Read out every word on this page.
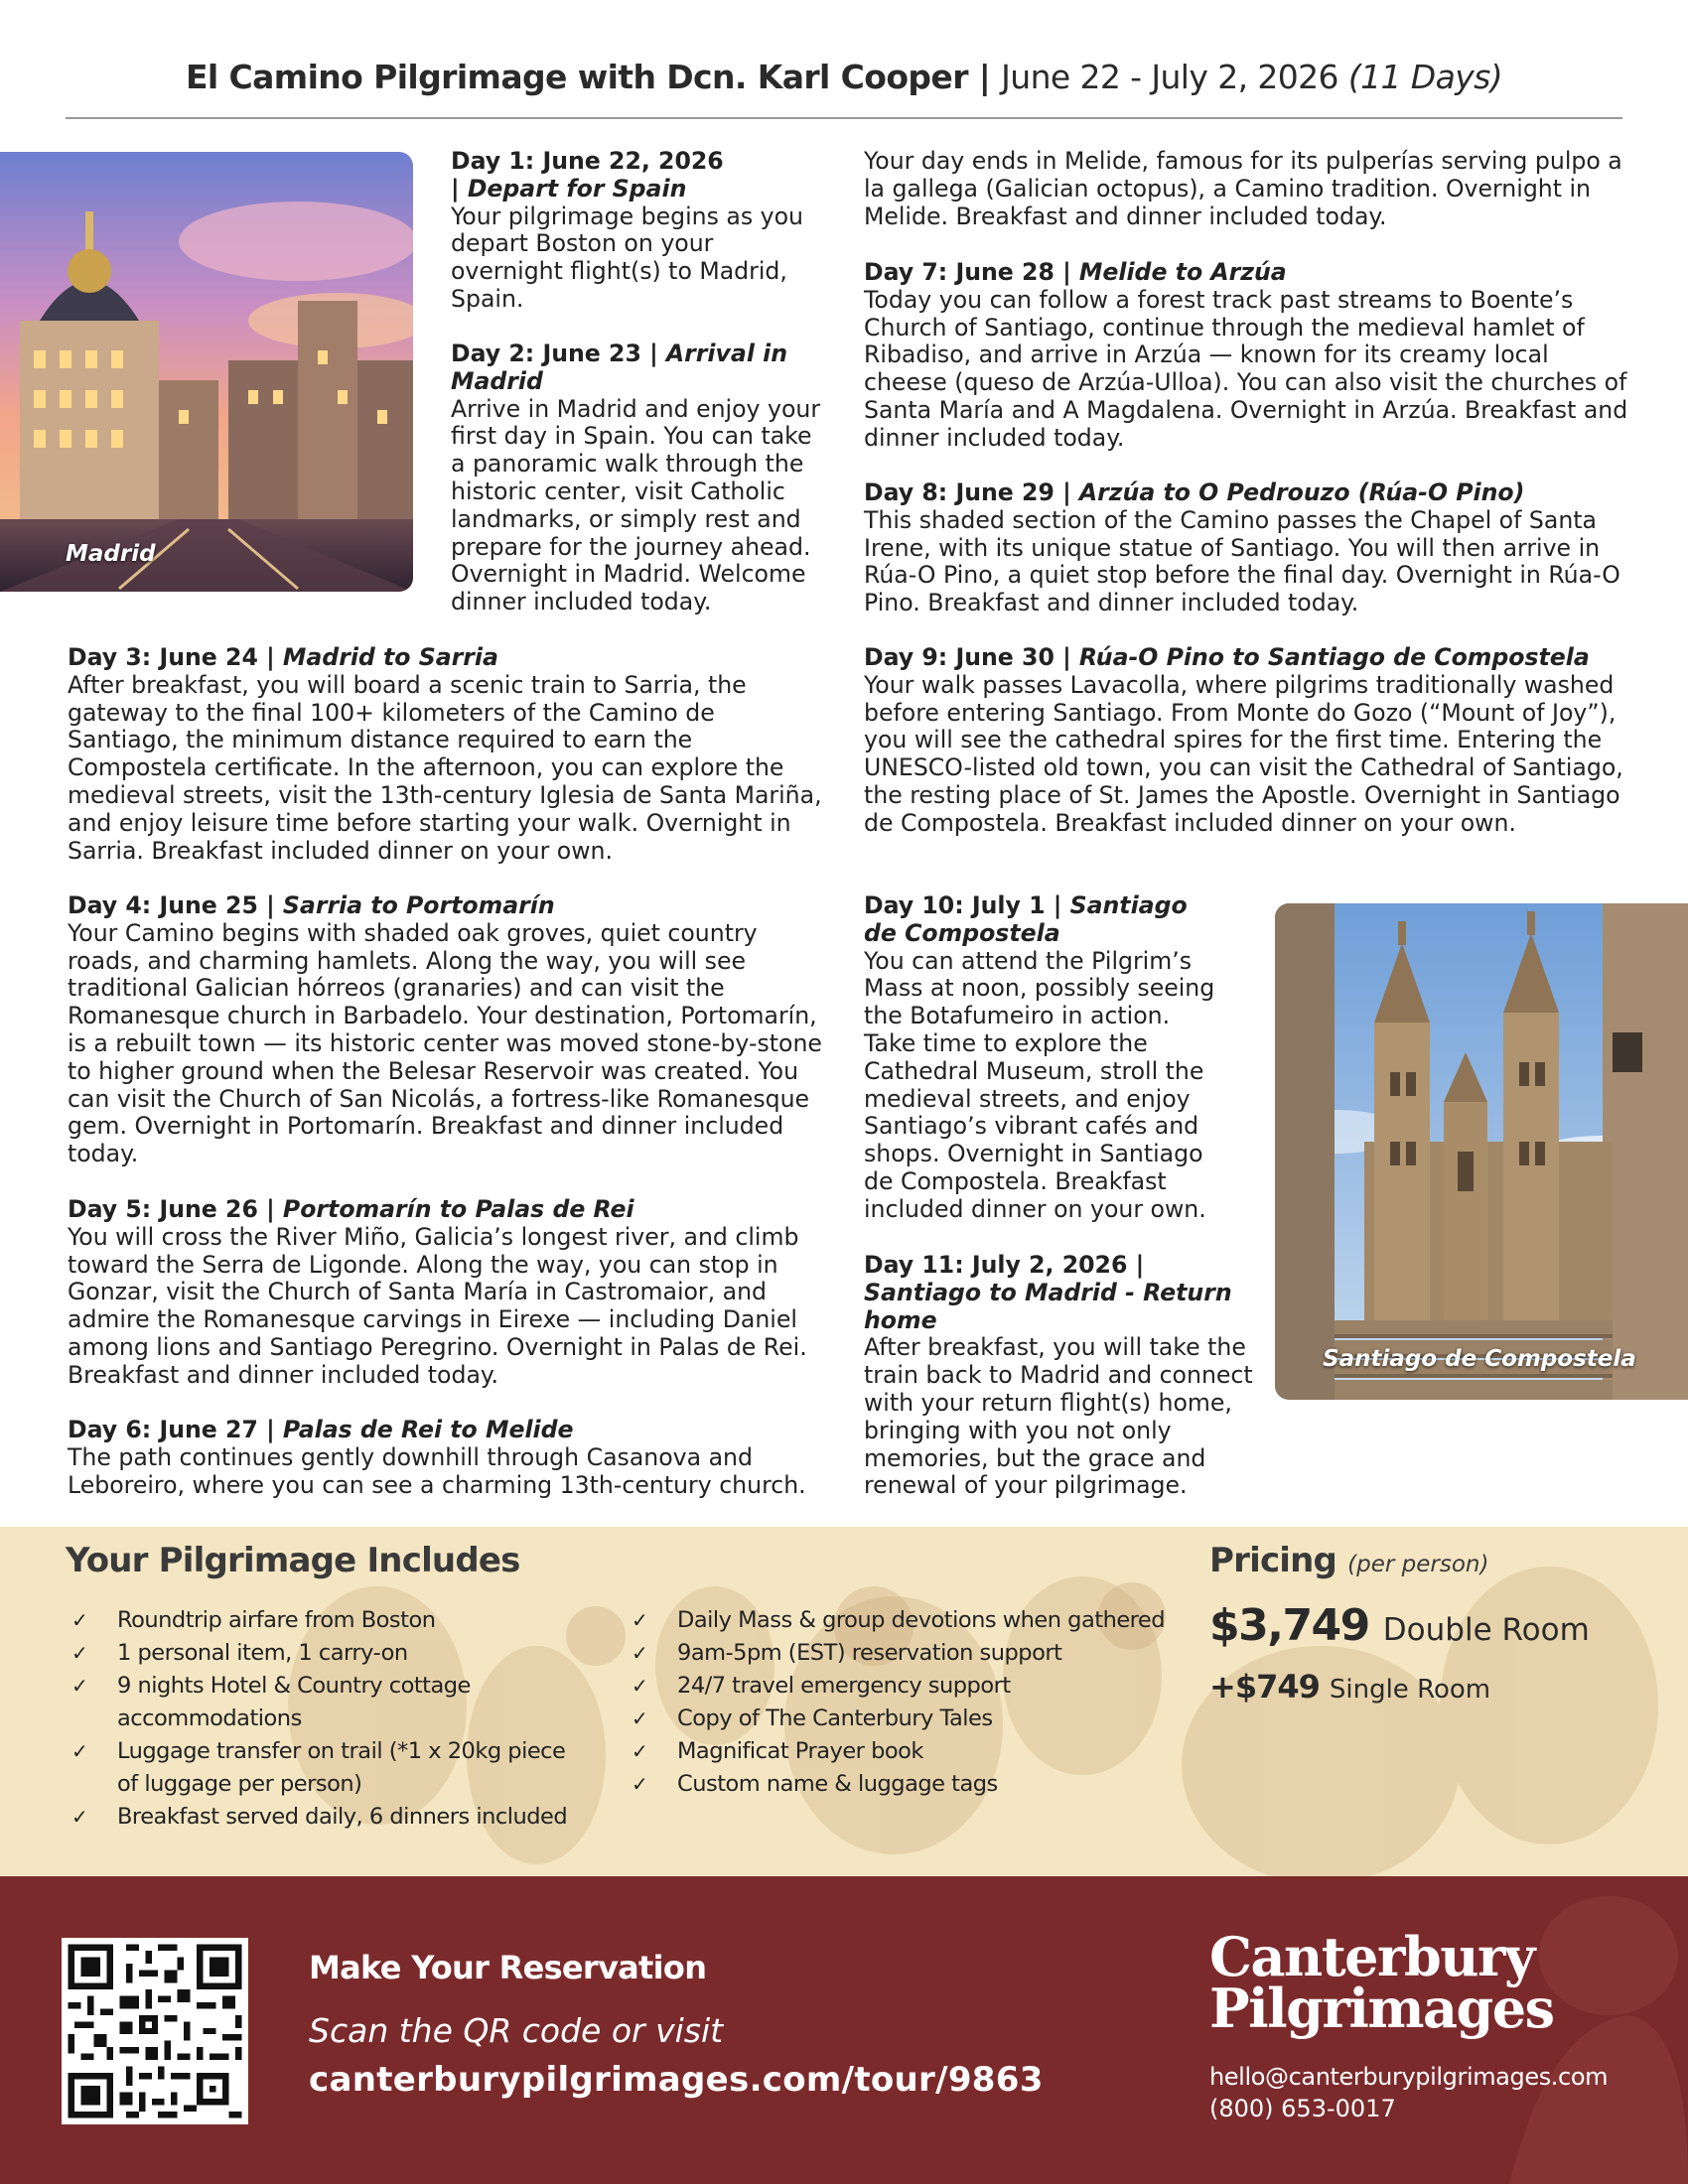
El Camino Pilgrimage with Dcn. Karl Cooper | June 22 - July 2, 2026 (11 Days)
Madrid
Day 1: June 22, 2026
| Depart for Spain

Your pilgrimage begins as you depart Boston on your overnight flight(s) to Madrid, Spain.

Day 2: June 23 | Arrival in Madrid

Arrive in Madrid and enjoy your first day in Spain. You can take a panoramic walk through the historic center, visit Catholic landmarks, or simply rest and prepare for the journey ahead. Overnight in Madrid. Welcome dinner included today.

Day 3: June 24 | Madrid to Sarria

After breakfast, you will board a scenic train to Sarria, the gateway to the final 100+ kilometers of the Camino de Santiago, the minimum distance required to earn the Compostela certificate. In the afternoon, you can explore the medieval streets, visit the 13th-century Iglesia de Santa Mariña, and enjoy leisure time before starting your walk. Overnight in Sarria. Breakfast included dinner on your own.

Day 4: June 25 | Sarria to Portomarín

Your Camino begins with shaded oak groves, quiet country roads, and charming hamlets. Along the way, you will see traditional Galician hórreos (granaries) and can visit the Romanesque church in Barbadelo. Your destination, Portomarín, is a rebuilt town — its historic center was moved stone-by-stone to higher ground when the Belesar Reservoir was created. You can visit the Church of San Nicolás, a fortress-like Romanesque gem. Overnight in Portomarín. Breakfast and dinner included today.

Day 5: June 26 | Portomarín to Palas de Rei

You will cross the River Miño, Galicia’s longest river, and climb toward the Serra de Ligonde. Along the way, you can stop in Gonzar, visit the Church of Santa María in Castromaior, and admire the Romanesque carvings in Eirexe — including Daniel among lions and Santiago Peregrino. Overnight in Palas de Rei. Breakfast and dinner included today.

Day 6: June 27 | Palas de Rei to Melide

The path continues gently downhill through Casanova and Leboreiro, where you can see a charming 13th-century church.

Your day ends in Melide, famous for its pulperías serving pulpo a la gallega (Galician octopus), a Camino tradition. Overnight in Melide. Breakfast and dinner included today.

Day 7: June 28 | Melide to Arzúa

Today you can follow a forest track past streams to Boente’s Church of Santiago, continue through the medieval hamlet of Ribadiso, and arrive in Arzúa — known for its creamy local cheese (queso de Arzúa-Ulloa). You can also visit the churches of Santa María and A Magdalena. Overnight in Arzúa. Breakfast and dinner included today.

Day 8: June 29 | Arzúa to O Pedrouzo (Rúa-O Pino)

This shaded section of the Camino passes the Chapel of Santa Irene, with its unique statue of Santiago. You will then arrive in Rúa-O Pino, a quiet stop before the final day. Overnight in Rúa-O Pino. Breakfast and dinner included today.

Day 9: June 30 | Rúa-O Pino to Santiago de Compostela

Your walk passes Lavacolla, where pilgrims traditionally washed before entering Santiago. From Monte do Gozo (“Mount of Joy”), you will see the cathedral spires for the first time. Entering the UNESCO-listed old town, you can visit the Cathedral of Santiago, the resting place of St. James the Apostle. Overnight in Santiago de Compostela. Breakfast included dinner on your own.

Day 10: July 1 | Santiago de Compostela

You can attend the Pilgrim’s Mass at noon, possibly seeing the Botafumeiro in action. Take time to explore the Cathedral Museum, stroll the medieval streets, and enjoy Santiago’s vibrant cafés and shops. Overnight in Santiago de Compostela. Breakfast included dinner on your own.

Day 11: July 2, 2026 | Santiago to Madrid - Return home

After breakfast, you will take the train back to Madrid and connect with your return flight(s) home, bringing with you not only memories, but the grace and renewal of your pilgrimage.

Santiago de Compostela
Your Pilgrimage Includes
✓ Roundtrip airfare from Boston
✓ 1 personal item, 1 carry-on
✓ 9 nights Hotel & Country cottage accommodations
✓ Luggage transfer on trail (*1 x 20kg piece of luggage per person)
✓ Breakfast served daily, 6 dinners included
✓ Daily Mass & group devotions when gathered
✓ 9am-5pm (EST) reservation support
✓ 24/7 travel emergency support
✓ Copy of The Canterbury Tales
✓ Magnificat Prayer book
✓ Custom name & luggage tags
Pricing (per person)
$3,749 Double Room
+$749 Single Room
Make Your Reservation
Scan the QR code or visit
canterburypilgrimages.com/tour/9863
Canterbury
Pilgrimages
hello@canterburypilgrimages.com
(800) 653-0017
